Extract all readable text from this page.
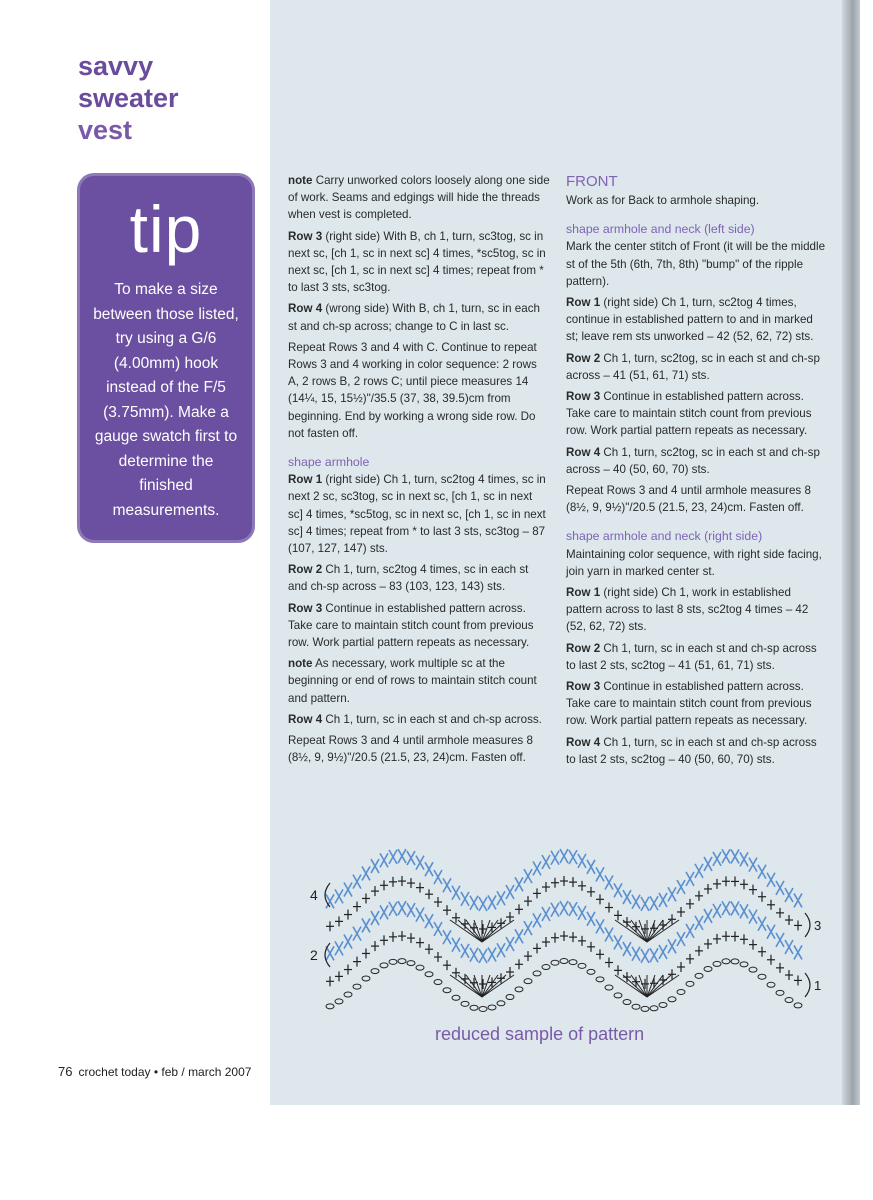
savvy
sweater
vest
tip
To make a size between those listed, try using a G/6 (4.00mm) hook instead of the F/5 (3.75mm). Make a gauge swatch first to determine the finished measurements.

note Carry unworked colors loosely along one side of work. Seams and edgings will hide the threads when vest is completed.

Row 3 (right side) With B, ch 1, turn, sc3tog, sc in next sc, [ch 1, sc in next sc] 4 times, *sc5tog, sc in next sc, [ch 1, sc in next sc] 4 times; repeat from * to last 3 sts, sc3tog.

Row 4 (wrong side) With B, ch 1, turn, sc in each st and ch-sp across; change to C in last sc.

Repeat Rows 3 and 4 with C. Continue to repeat Rows 3 and 4 working in color sequence: 2 rows A, 2 rows B, 2 rows C; until piece measures 14 (14¼, 15, 15½)"/35.5 (37, 38, 39.5)cm from beginning. End by working a wrong side row. Do not fasten off.

shape armhole

Row 1 (right side) Ch 1, turn, sc2tog 4 times, sc in next 2 sc, sc3tog, sc in next sc, [ch 1, sc in next sc] 4 times, *sc5tog, sc in next sc, [ch 1, sc in next sc] 4 times; repeat from * to last 3 sts, sc3tog – 87 (107, 127, 147) sts.

Row 2 Ch 1, turn, sc2tog 4 times, sc in each st and ch-sp across – 83 (103, 123, 143) sts.

Row 3 Continue in established pattern across. Take care to maintain stitch count from previous row. Work partial pattern repeats as necessary.

note As necessary, work multiple sc at the beginning or end of rows to maintain stitch count and pattern.

Row 4 Ch 1, turn, sc in each st and ch-sp across.

Repeat Rows 3 and 4 until armhole measures 8 (8½, 9, 9½)"/20.5 (21.5, 23, 24)cm. Fasten off.

FRONT

Work as for Back to armhole shaping.

shape armhole and neck (left side)

Mark the center stitch of Front (it will be the middle st of the 5th (6th, 7th, 8th) "bump" of the ripple pattern).

Row 1 (right side) Ch 1, turn, sc2tog 4 times, continue in established pattern to and in marked st; leave rem sts unworked – 42 (52, 62, 72) sts.

Row 2 Ch 1, turn, sc2tog, sc in each st and ch-sp across – 41 (51, 61, 71) sts.

Row 3 Continue in established pattern across. Take care to maintain stitch count from previous row. Work partial pattern repeats as necessary.

Row 4 Ch 1, turn, sc2tog, sc in each st and ch-sp across – 40 (50, 60, 70) sts.

Repeat Rows 3 and 4 until armhole measures 8 (8½, 9, 9½)"/20.5 (21.5, 23, 24)cm. Fasten off.

shape armhole and neck (right side)

Maintaining color sequence, with right side facing, join yarn in marked center st.

Row 1 (right side) Ch 1, work in established pattern across to last 8 sts, sc2tog 4 times – 42 (52, 62, 72) sts.

Row 2 Ch 1, turn, sc in each st and ch-sp across to last 2 sts, sc2tog – 41 (51, 61, 71) sts.

Row 3 Continue in established pattern across. Take care to maintain stitch count from previous row. Work partial pattern repeats as necessary.

Row 4 Ch 1, turn, sc in each st and ch-sp across to last 2 sts, sc2tog – 40 (50, 60, 70) sts.

4
2
3
1
reduced sample of pattern
76 crochet today • feb / march 2007
